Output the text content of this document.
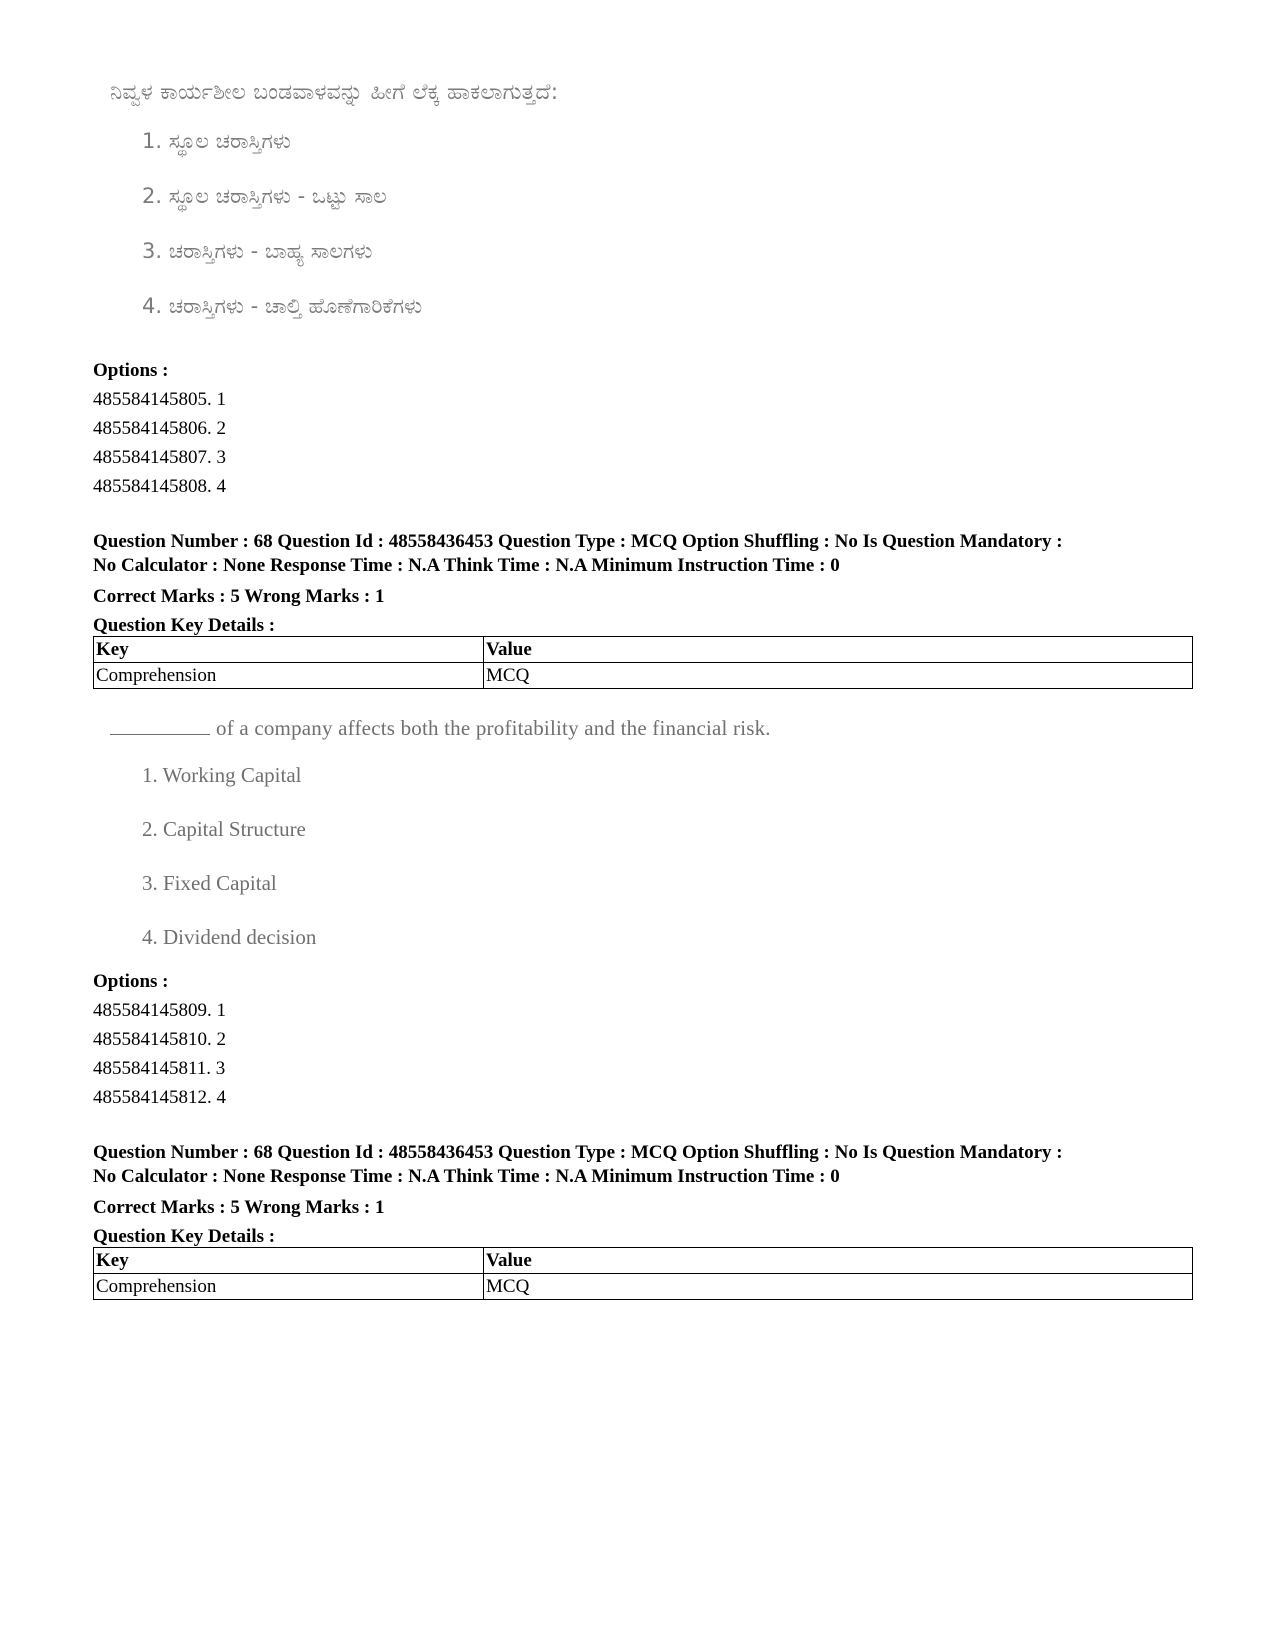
ನಿವ್ವಳ ಕಾರ್ಯಶೀಲ ಬಂಡವಾಳವನ್ನು ಹೀಗೆ ಲೆಕ್ಕ ಹಾಕಲಾಗುತ್ತದೆ:
1. ಸ್ಥೂಲ ಚರಾಸ್ತಿಗಳು
2. ಸ್ಥೂಲ ಚರಾಸ್ತಿಗಳು - ಒಟ್ಟು ಸಾಲ
3. ಚರಾಸ್ತಿಗಳು - ಬಾಹ್ಯ ಸಾಲಗಳು
4. ಚರಾಸ್ತಿಗಳು - ಚಾಲ್ತಿ ಹೊಣೆಗಾರಿಕೆಗಳು
Options :
485584145805. 1
485584145806. 2
485584145807. 3
485584145808. 4
Question Number : 68 Question Id : 48558436453 Question Type : MCQ Option Shuffling : No Is Question Mandatory :
No Calculator : None Response Time : N.A Think Time : N.A Minimum Instruction Time : 0
Correct Marks : 5 Wrong Marks : 1
Question Key Details :
Key	Value
Comprehension	MCQ
of a company affects both the profitability and the financial risk.
1. Working Capital
2. Capital Structure
3. Fixed Capital
4. Dividend decision
Options :
485584145809. 1
485584145810. 2
485584145811. 3
485584145812. 4
Question Number : 68 Question Id : 48558436453 Question Type : MCQ Option Shuffling : No Is Question Mandatory :
No Calculator : None Response Time : N.A Think Time : N.A Minimum Instruction Time : 0
Correct Marks : 5 Wrong Marks : 1
Question Key Details :
Key	Value
Comprehension	MCQ
